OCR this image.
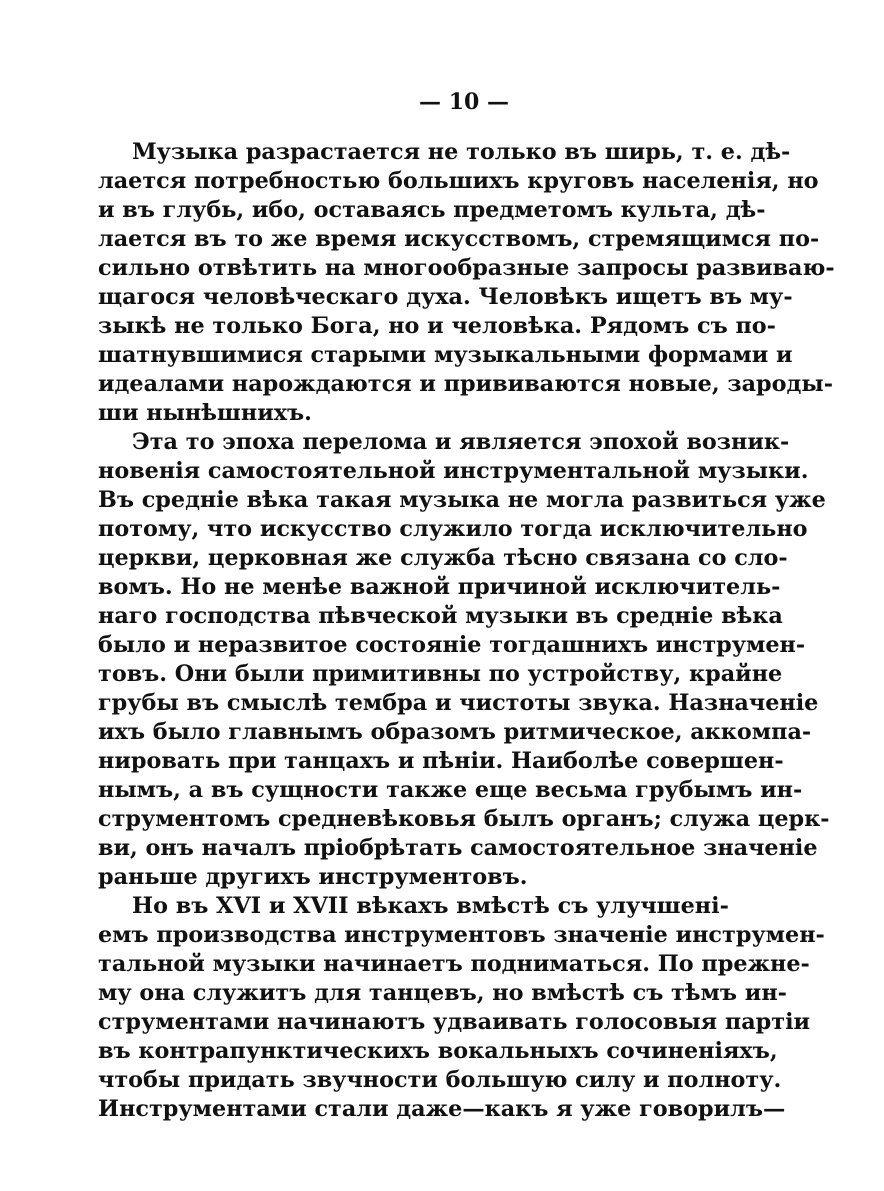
— 10 —
Музыка разрастается не только въ ширь, т. е. дѣ-
лается потребностью большихъ круговъ населенія, но
и въ глубь, ибо, оставаясь предметомъ культа, дѣ-
лается въ то же время искусствомъ, стремящимся по-
сильно отвѣтить на многообразные запросы развиваю-
щагося человѣческаго духа. Человѣкъ ищетъ въ му-
зыкѣ не только Бога, но и человѣка. Рядомъ съ по-
шатнувшимися старыми музыкальными формами и
идеалами нарождаются и прививаются новые, зароды-
ши нынѣшнихъ.
Эта то эпоха перелома и является эпохой возник-
новенія самостоятельной инструментальной музыки.
Въ средніе вѣка такая музыка не могла развиться уже
потому, что искусство служило тогда исключительно
церкви, церковная же служба тѣсно связана со сло-
вомъ. Но не менѣе важной причиной исключитель-
наго господства пѣвческой музыки въ средніе вѣка
было и неразвитое состояніе тогдашнихъ инструмен-
товъ. Они были примитивны по устройству, крайне
грубы въ смыслѣ тембра и чистоты звука. Назначеніе
ихъ было главнымъ образомъ ритмическое, аккомпа-
нировать при танцахъ и пѣніи. Наиболѣе совершен-
нымъ, а въ сущности также еще весьма грубымъ ин-
струментомъ средневѣковья былъ органъ; служа церк-
ви, онъ началъ пріобрѣтать самостоятельное значеніе
раньше другихъ инструментовъ.
Но въ XVI и XVII вѣкахъ вмѣстѣ съ улучшені-
емъ производства инструментовъ значеніе инструмен-
тальной музыки начинаетъ подниматься. По прежне-
му она служитъ для танцевъ, но вмѣстѣ съ тѣмъ ин-
струментами начинаютъ удваивать голосовыя партіи
въ контрапунктическихъ вокальныхъ сочиненіяхъ,
чтобы придать звучности большую силу и полноту.
Инструментами стали даже—какъ я уже говорилъ—
